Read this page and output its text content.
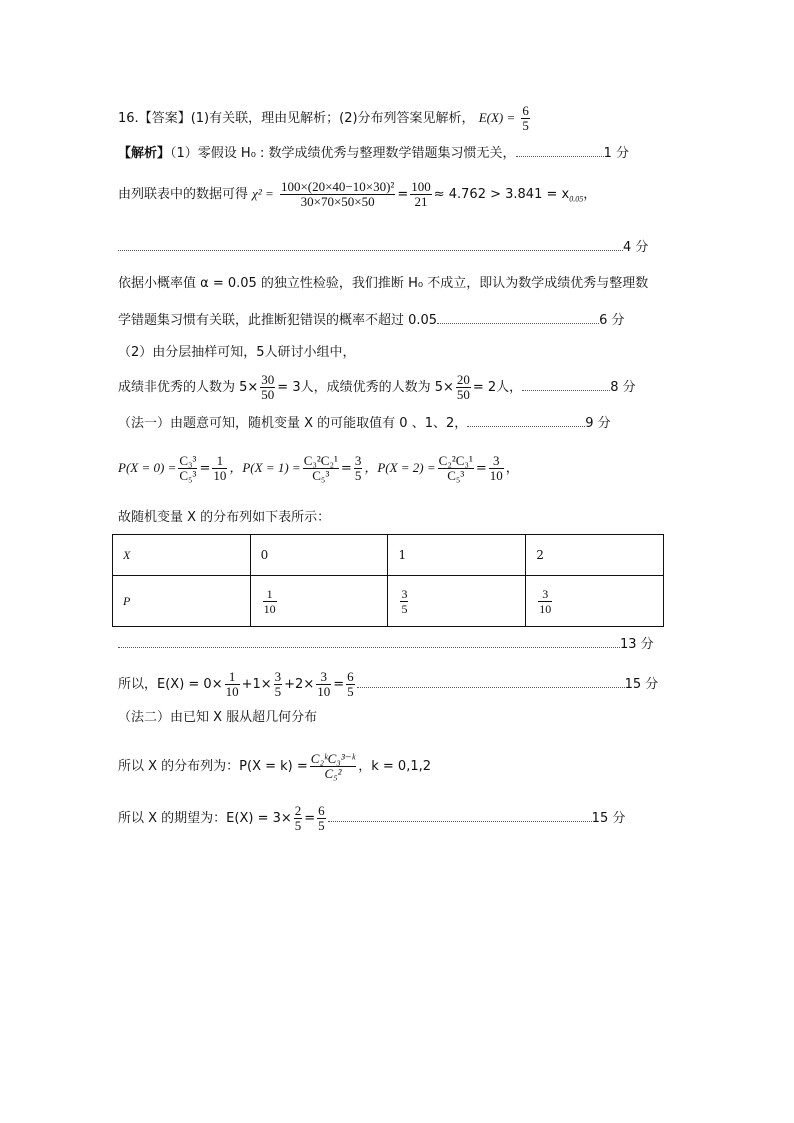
16.【答案】(1)有关联，理由见解析；(2)分布列答案见解析， $E(X) = \frac{6}{5}$
【解析】（1）零假设 H₀ : 数学成绩优秀与整理数学错题集习惯无关，	1 分
由列联表中的数据可得 $\chi^2 = \frac{\text{100×(20×40−10×30)²}}{30\times 70\times 50\times 50} = \frac{100}{21} \approx 4.762 > 3.841 = x_{0.05}$，
4 分
依据小概率值 α = 0.05 的独立性检验，我们推断 H₀ 不成立，即认为数学成绩优秀与整理数
学错题集习惯有关联，此推断犯错误的概率不超过 0.05	6 分
（2）由分层抽样可知，5人研讨小组中，
成绩非优秀的人数为 $5\times \frac{30}{50} = 3$人，成绩优秀的人数为 $5\times \frac{20}{50} = 2$人，	8 分
（法一）由题意可知，随机变量 X 的可能取值有 0 、1、2，	9 分
$P(X = 0) = \frac{\text{C₃³}}{\text{C₅³}} = \frac{1}{10}$ ，$P(X = 1) = \frac{\text{C₃²C₂¹}}{\text{C₅³}} = \frac{3}{5}$ ，$P(X = 2) = \frac{\text{C₂²C₃¹}}{\text{C₅³}} = \frac{3}{10}$ ，
故随机变量 X 的分布列如下表所示：
X	0	1	2
P	$\frac{1}{10}$	$\frac{3}{5}$	$\frac{3}{10}$
13 分
所以，$E(X) = 0\times \frac{1}{10} +1\times \frac{3}{5} +2\times \frac{3}{10} = \frac{6}{5}$	15 分
（法二）由已知 X 服从超几何分布
所以 X 的分布列为：$P(X = k) = \frac{\text{C₂ᵏC₃³⁻ᵏ}}{\text{C₅²}}$ ，k = 0,1,2
所以 X 的期望为：$E(X) = 3\times \frac{2}{5} = \frac{6}{5}$	15 分
